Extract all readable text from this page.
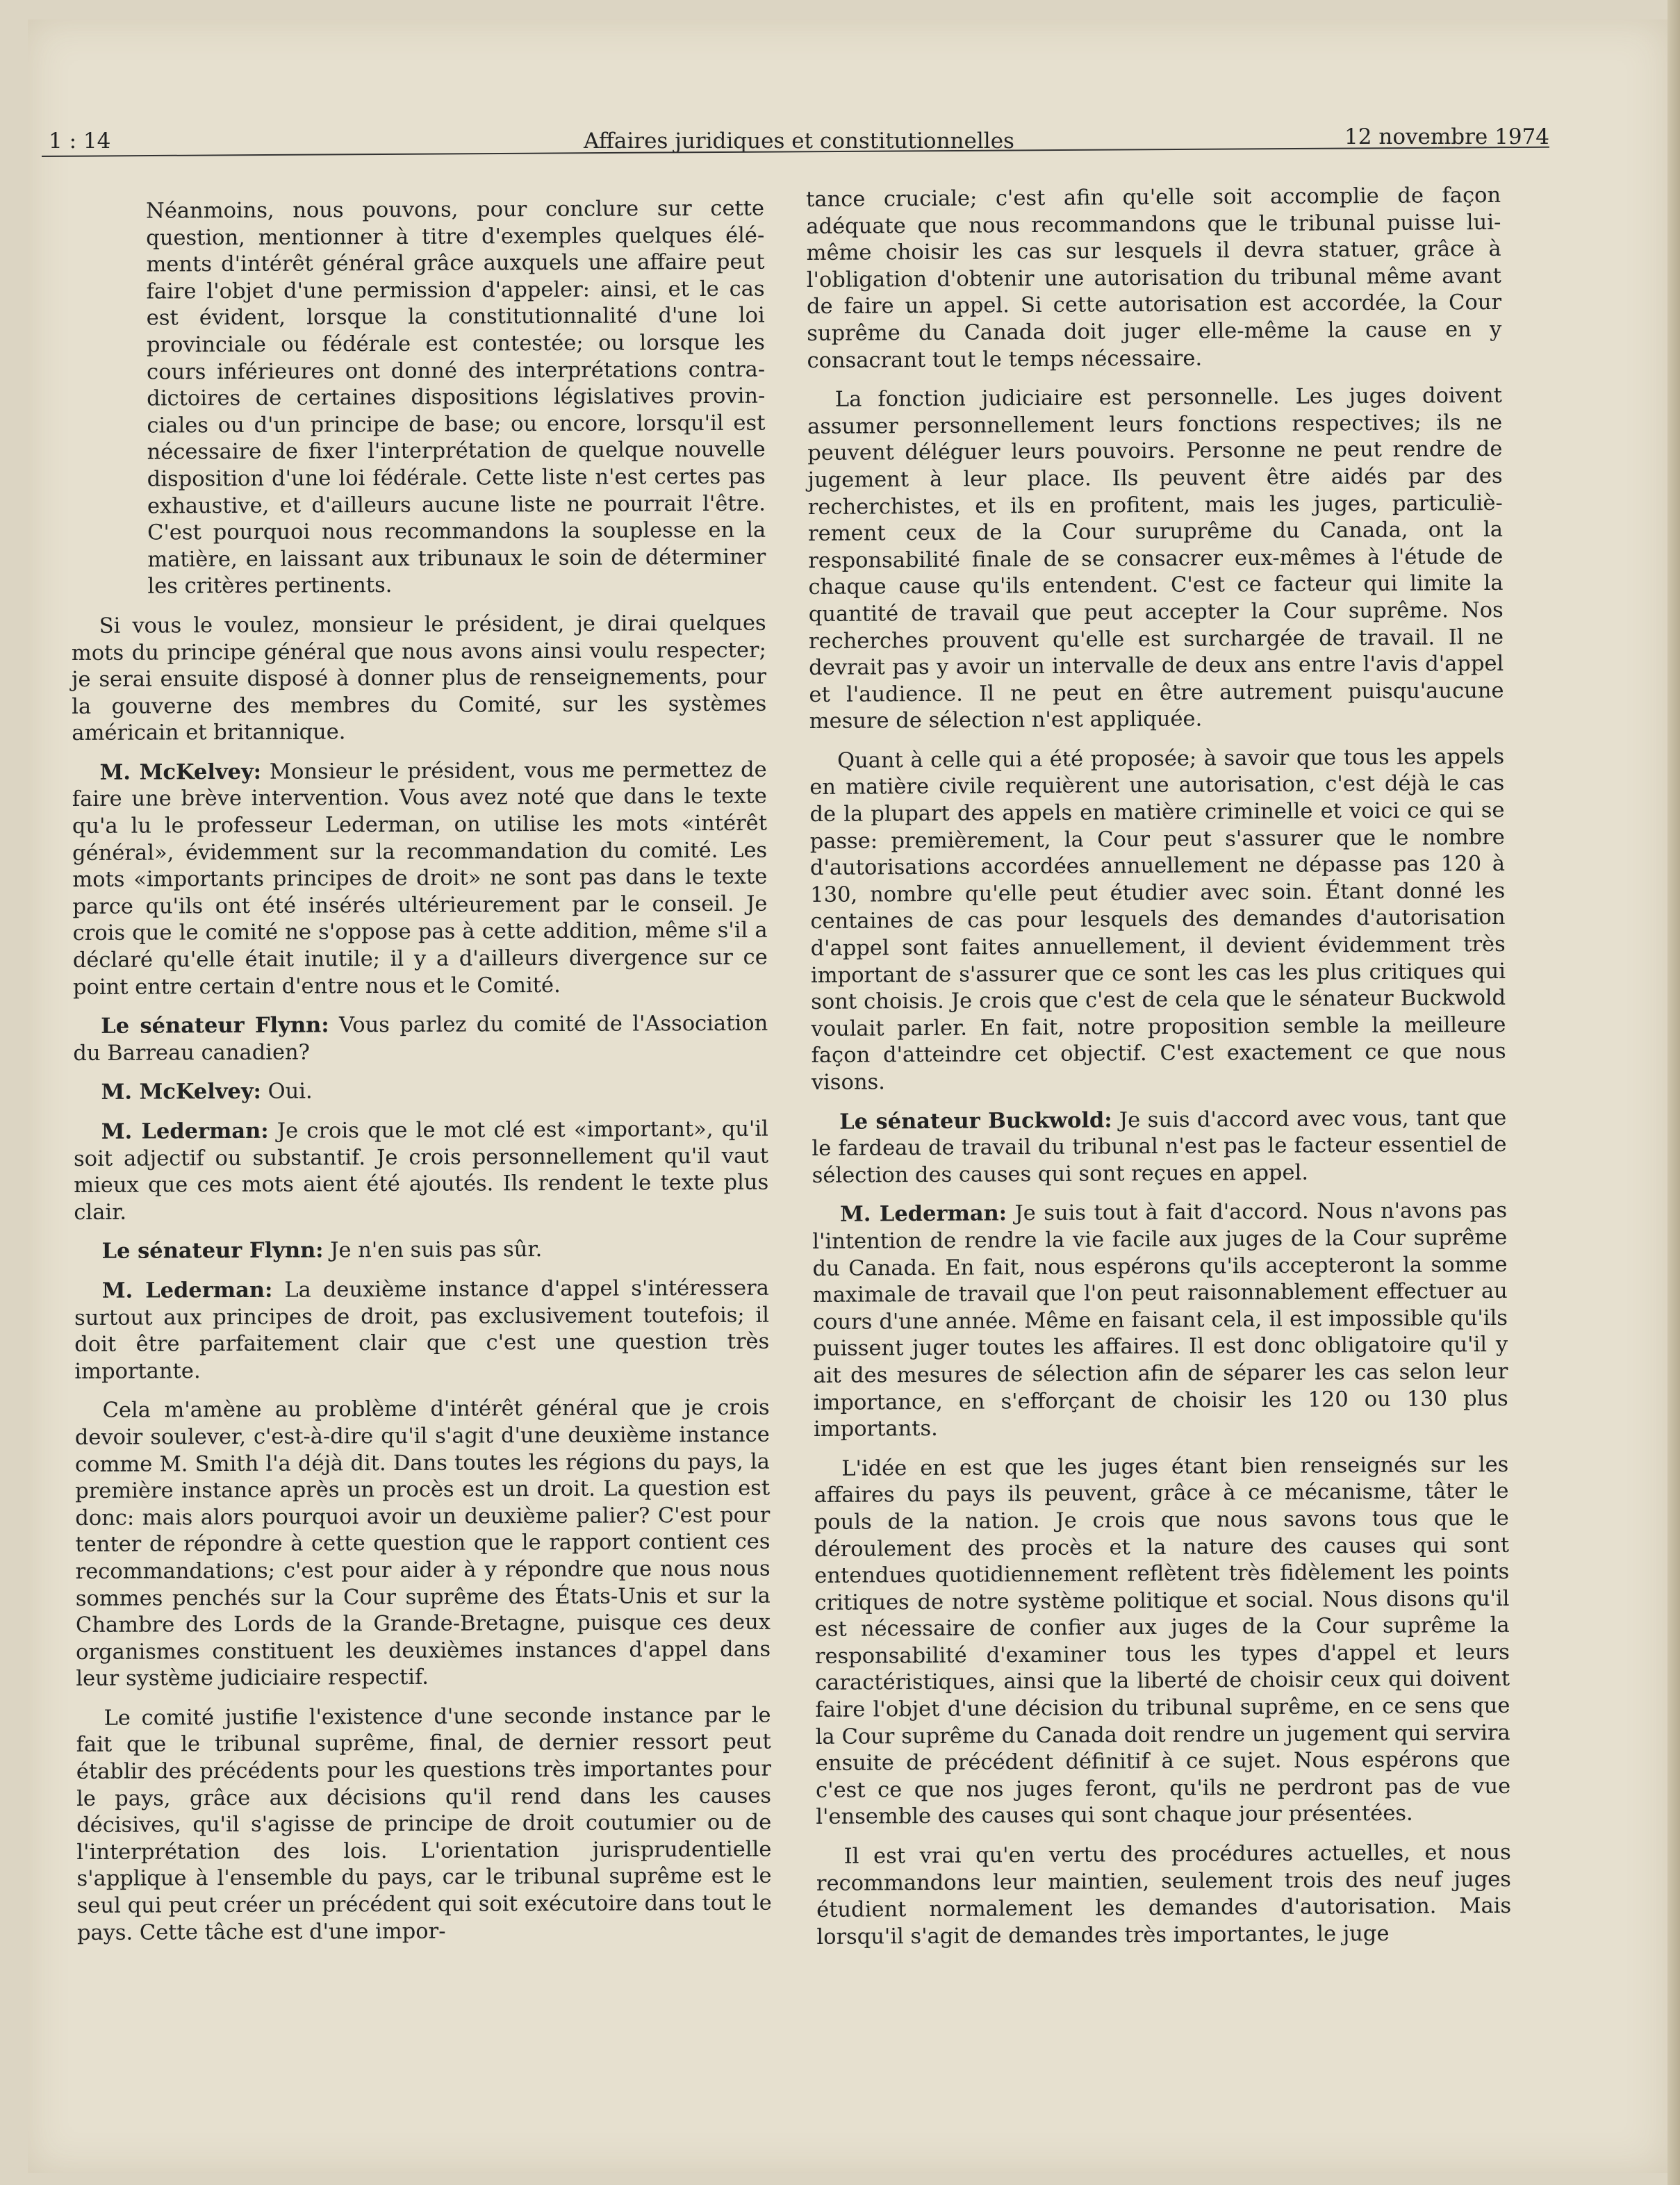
1 : 14	Affaires juridiques et constitutionnelles	12 novembre 1974

Néanmoins, nous pouvons, pour conclure sur cette question, mentionner à titre d'exemples quelques éléments d'intérêt général grâce auxquels une affaire peut faire l'objet d'une permission d'appeler: ainsi, et le cas est évident, lorsque la constitutionnalité d'une loi provinciale ou fédérale est contestée; ou lorsque les cours inférieures ont donné des interprétations contradictoires de certaines dispositions législatives provinciales ou d'un principe de base; ou encore, lorsqu'il est nécessaire de fixer l'interprétation de quelque nouvelle disposition d'une loi fédérale. Cette liste n'est certes pas exhaustive, et d'ailleurs aucune liste ne pourrait l'être. C'est pourquoi nous recommandons la souplesse en la matière, en laissant aux tribunaux le soin de déterminer les critères pertinents.

Si vous le voulez, monsieur le président, je dirai quelques mots du principe général que nous avons ainsi voulu respecter; je serai ensuite disposé à donner plus de renseignements, pour la gouverne des membres du Comité, sur les systèmes américain et britannique.

M. McKelvey: Monsieur le président, vous me permettez de faire une brève intervention. Vous avez noté que dans le texte qu'a lu le professeur Lederman, on utilise les mots «intérêt général», évidemment sur la recommandation du comité. Les mots «importants principes de droit» ne sont pas dans le texte parce qu'ils ont été insérés ultérieurement par le conseil. Je crois que le comité ne s'oppose pas à cette addition, même s'il a déclaré qu'elle était inutile; il y a d'ailleurs divergence sur ce point entre certain d'entre nous et le Comité.

Le sénateur Flynn: Vous parlez du comité de l'Association du Barreau canadien?

M. McKelvey: Oui.

M. Lederman: Je crois que le mot clé est «important», qu'il soit adjectif ou substantif. Je crois personnellement qu'il vaut mieux que ces mots aient été ajoutés. Ils rendent le texte plus clair.

Le sénateur Flynn: Je n'en suis pas sûr.

M. Lederman: La deuxième instance d'appel s'intéressera surtout aux principes de droit, pas exclusivement toutefois; il doit être parfaitement clair que c'est une question très importante.

Cela m'amène au problème d'intérêt général que je crois devoir soulever, c'est-à-dire qu'il s'agit d'une deuxième instance comme M. Smith l'a déjà dit. Dans toutes les régions du pays, la première instance après un procès est un droit. La question est donc: mais alors pourquoi avoir un deuxième palier? C'est pour tenter de répondre à cette question que le rapport contient ces recommandations; c'est pour aider à y répondre que nous nous sommes penchés sur la Cour suprême des États-Unis et sur la Chambre des Lords de la Grande-Bretagne, puisque ces deux organismes constituent les deuxièmes instances d'appel dans leur système judiciaire respectif.

Le comité justifie l'existence d'une seconde instance par le fait que le tribunal suprême, final, de dernier ressort peut établir des précédents pour les questions très importantes pour le pays, grâce aux décisions qu'il rend dans les causes décisives, qu'il s'agisse de principe de droit coutumier ou de l'interprétation des lois. L'orientation jurisprudentielle s'applique à l'ensemble du pays, car le tribunal suprême est le seul qui peut créer un précédent qui soit exécutoire dans tout le pays. Cette tâche est d'une impor-

tance cruciale; c'est afin qu'elle soit accomplie de façon adéquate que nous recommandons que le tribunal puisse lui-même choisir les cas sur lesquels il devra statuer, grâce à l'obligation d'obtenir une autorisation du tribunal même avant de faire un appel. Si cette autorisation est accordée, la Cour suprême du Canada doit juger elle-même la cause en y consacrant tout le temps nécessaire.

La fonction judiciaire est personnelle. Les juges doivent assumer personnellement leurs fonctions respectives; ils ne peuvent déléguer leurs pouvoirs. Personne ne peut rendre de jugement à leur place. Ils peuvent être aidés par des recherchistes, et ils en profitent, mais les juges, particulièrement ceux de la Cour suruprême du Canada, ont la responsabilité finale de se consacrer eux-mêmes à l'étude de chaque cause qu'ils entendent. C'est ce facteur qui limite la quantité de travail que peut accepter la Cour suprême. Nos recherches prouvent qu'elle est surchargée de travail. Il ne devrait pas y avoir un intervalle de deux ans entre l'avis d'appel et l'audience. Il ne peut en être autrement puisqu'aucune mesure de sélection n'est appliquée.

Quant à celle qui a été proposée; à savoir que tous les appels en matière civile requièrent une autorisation, c'est déjà le cas de la plupart des appels en matière criminelle et voici ce qui se passe: premièrement, la Cour peut s'assurer que le nombre d'autorisations accordées annuellement ne dépasse pas 120 à 130, nombre qu'elle peut étudier avec soin. Étant donné les centaines de cas pour lesquels des demandes d'autorisation d'appel sont faites annuellement, il devient évidemment très important de s'assurer que ce sont les cas les plus critiques qui sont choisis. Je crois que c'est de cela que le sénateur Buckwold voulait parler. En fait, notre proposition semble la meilleure façon d'atteindre cet objectif. C'est exactement ce que nous visons.

Le sénateur Buckwold: Je suis d'accord avec vous, tant que le fardeau de travail du tribunal n'est pas le facteur essentiel de sélection des causes qui sont reçues en appel.

M. Lederman: Je suis tout à fait d'accord. Nous n'avons pas l'intention de rendre la vie facile aux juges de la Cour suprême du Canada. En fait, nous espérons qu'ils accepteront la somme maximale de travail que l'on peut raisonnablement effectuer au cours d'une année. Même en faisant cela, il est impossible qu'ils puissent juger toutes les affaires. Il est donc obligatoire qu'il y ait des mesures de sélection afin de séparer les cas selon leur importance, en s'efforçant de choisir les 120 ou 130 plus importants.

L'idée en est que les juges étant bien renseignés sur les affaires du pays ils peuvent, grâce à ce mécanisme, tâter le pouls de la nation. Je crois que nous savons tous que le déroulement des procès et la nature des causes qui sont entendues quotidiennement reflètent très fidèlement les points critiques de notre système politique et social. Nous disons qu'il est nécessaire de confier aux juges de la Cour suprême la responsabilité d'examiner tous les types d'appel et leurs caractéristiques, ainsi que la liberté de choisir ceux qui doivent faire l'objet d'une décision du tribunal suprême, en ce sens que la Cour suprême du Canada doit rendre un jugement qui servira ensuite de précédent définitif à ce sujet. Nous espérons que c'est ce que nos juges feront, qu'ils ne perdront pas de vue l'ensemble des causes qui sont chaque jour présentées.

Il est vrai qu'en vertu des procédures actuelles, et nous recommandons leur maintien, seulement trois des neuf juges étudient normalement les demandes d'autorisation. Mais lorsqu'il s'agit de demandes très importantes, le juge
